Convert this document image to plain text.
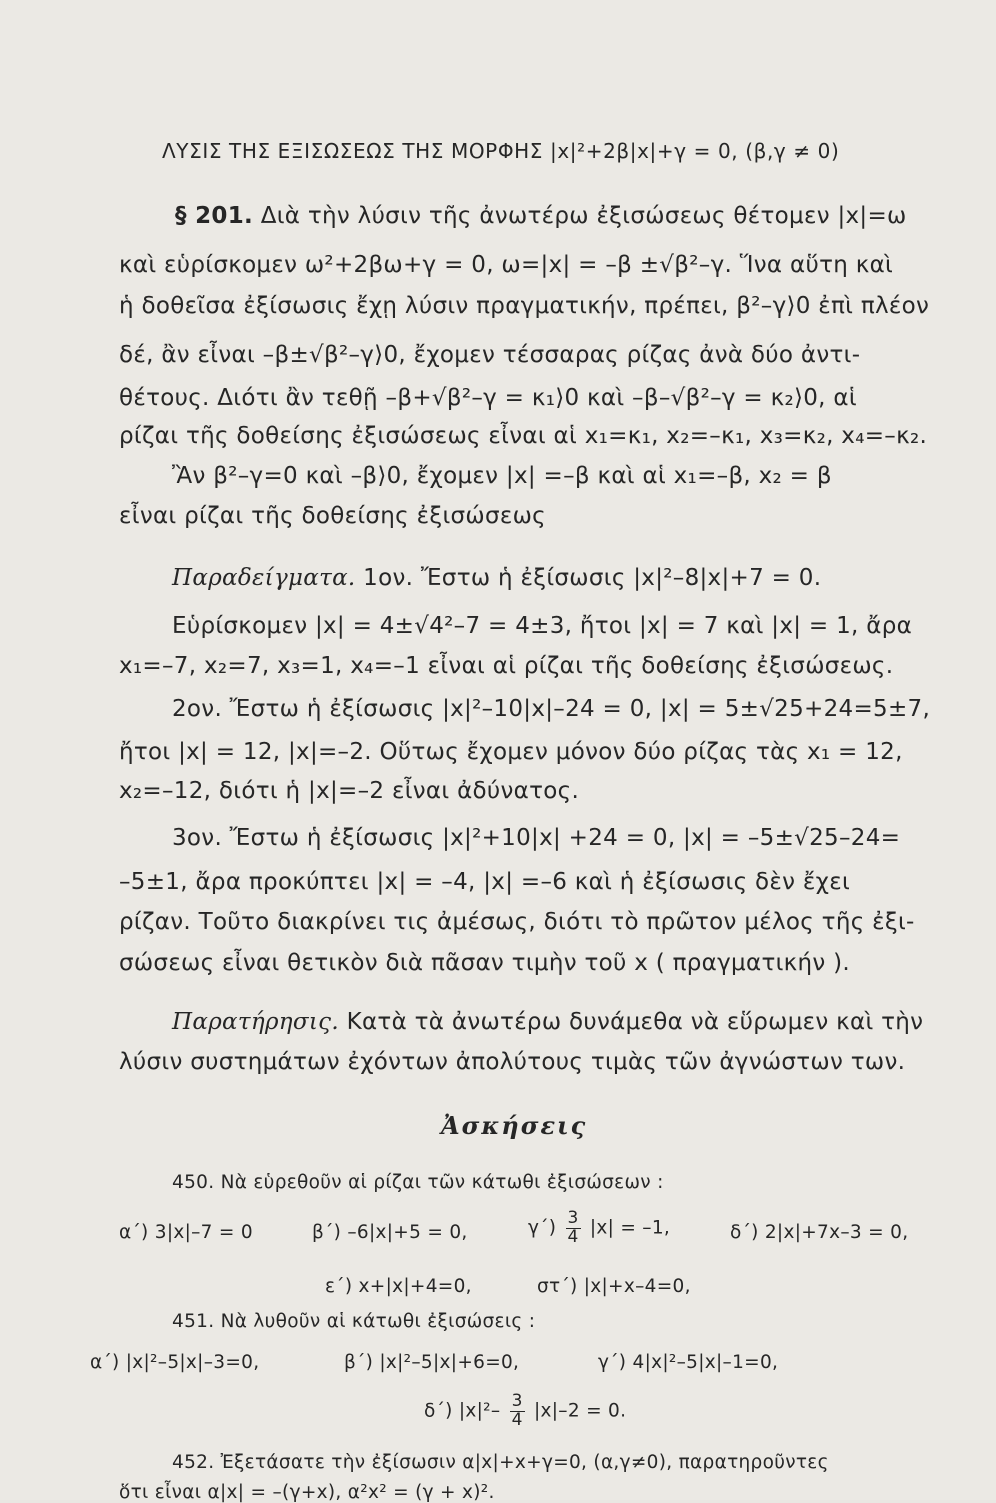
ΛΥΣΙΣ ΤΗΣ ΕΞΙΣΩΣΕΩΣ ΤΗΣ ΜΟΡΦΗΣ |x|²+2β|x|+γ = 0, (β,γ ≠ 0)
§ 201. Διὰ τὴν λύσιν τῆς ἀνωτέρω ἐξισώσεως θέτομεν |x|=ω
καὶ εὑρίσκομεν ω²+2βω+γ = 0, ω=|x| = –β ±√β²–γ. Ἵνα αὕτη καὶ
ἡ δοθεῖσα ἐξίσωσις ἔχῃ λύσιν πραγματικήν, πρέπει, β²–γ⟩0 ἐπὶ πλέον
δέ, ἂν εἶναι –β±√β²–γ⟩0, ἔχομεν τέσσαρας ρίζας ἀνὰ δύο ἀντι-
θέτους. Διότι ἂν τεθῇ –β+√β²–γ = κ₁⟩0 καὶ –β–√β²–γ = κ₂⟩0, αἱ
ρίζαι τῆς δοθείσης ἐξισώσεως εἶναι αἱ x₁=κ₁, x₂=–κ₁, x₃=κ₂, x₄=–κ₂.
Ἂν β²–γ=0 καὶ –β⟩0, ἔχομεν |x| =–β καὶ αἱ x₁=–β, x₂ = β
εἶναι ρίζαι τῆς δοθείσης ἐξισώσεως
Παραδείγματα. 1ον. Ἔστω ἡ ἐξίσωσις |x|²–8|x|+7 = 0.
Εὑρίσκομεν |x| = 4±√4²–7 = 4±3, ἤτοι |x| = 7 καὶ |x| = 1, ἄρα
x₁=–7, x₂=7, x₃=1, x₄=–1 εἶναι αἱ ρίζαι τῆς δοθείσης ἐξισώσεως.
2ον. Ἔστω ἡ ἐξίσωσις |x|²–10|x|–24 = 0, |x| = 5±√25+24=5±7,
ἤτοι |x| = 12, |x|=–2. Οὕτως ἔχομεν μόνον δύο ρίζας τὰς x₁ = 12,
x₂=–12, διότι ἡ |x|=–2 εἶναι ἀδύνατος.
3ον. Ἔστω ἡ ἐξίσωσις |x|²+10|x| +24 = 0, |x| = –5±√25–24=
–5±1, ἄρα προκύπτει |x| = –4, |x| =–6 καὶ ἡ ἐξίσωσις δὲν ἔχει
ρίζαν. Τοῦτο διακρίνει τις ἀμέσως, διότι τὸ πρῶτον μέλος τῆς ἐξι-
σώσεως εἶναι θετικὸν διὰ πᾶσαν τιμὴν τοῦ x ( πραγματικήν ).
Παρατήρησις. Κατὰ τὰ ἀνωτέρω δυνάμεθα νὰ εὕρωμεν καὶ τὴν
λύσιν συστημάτων ἐχόντων ἀπολύτους τιμὰς τῶν ἀγνώστων των.
Ἀσκήσεις
450. Νὰ εὑρεθοῦν αἱ ρίζαι τῶν κάτωθι ἐξισώσεων :
α΄) 3|x|–7 = 0	β΄) –6|x|+5 = 0,	$\gamma΄) \frac{3}{4} |x| = -1$,	δ΄) 2|x|+7x–3 = 0,
ε΄) x+|x|+4=0,	στ΄) |x|+x–4=0,
451. Νὰ λυθοῦν αἱ κάτωθι ἐξισώσεις :
α΄) |x|²–5|x|–3=0,	β΄) |x|²–5|x|+6=0,	γ΄) 4|x|²–5|x|–1=0,
δ΄) $|x|^2- \frac{3}{4} |x|-2 = 0$.
452. Ἐξετάσατε τὴν ἐξίσωσιν α|x|+x+γ=0, (α,γ≠0), παρατηροῦντες
ὅτι εἶναι α|x| = –(γ+x), α²x² = (γ + x)².
